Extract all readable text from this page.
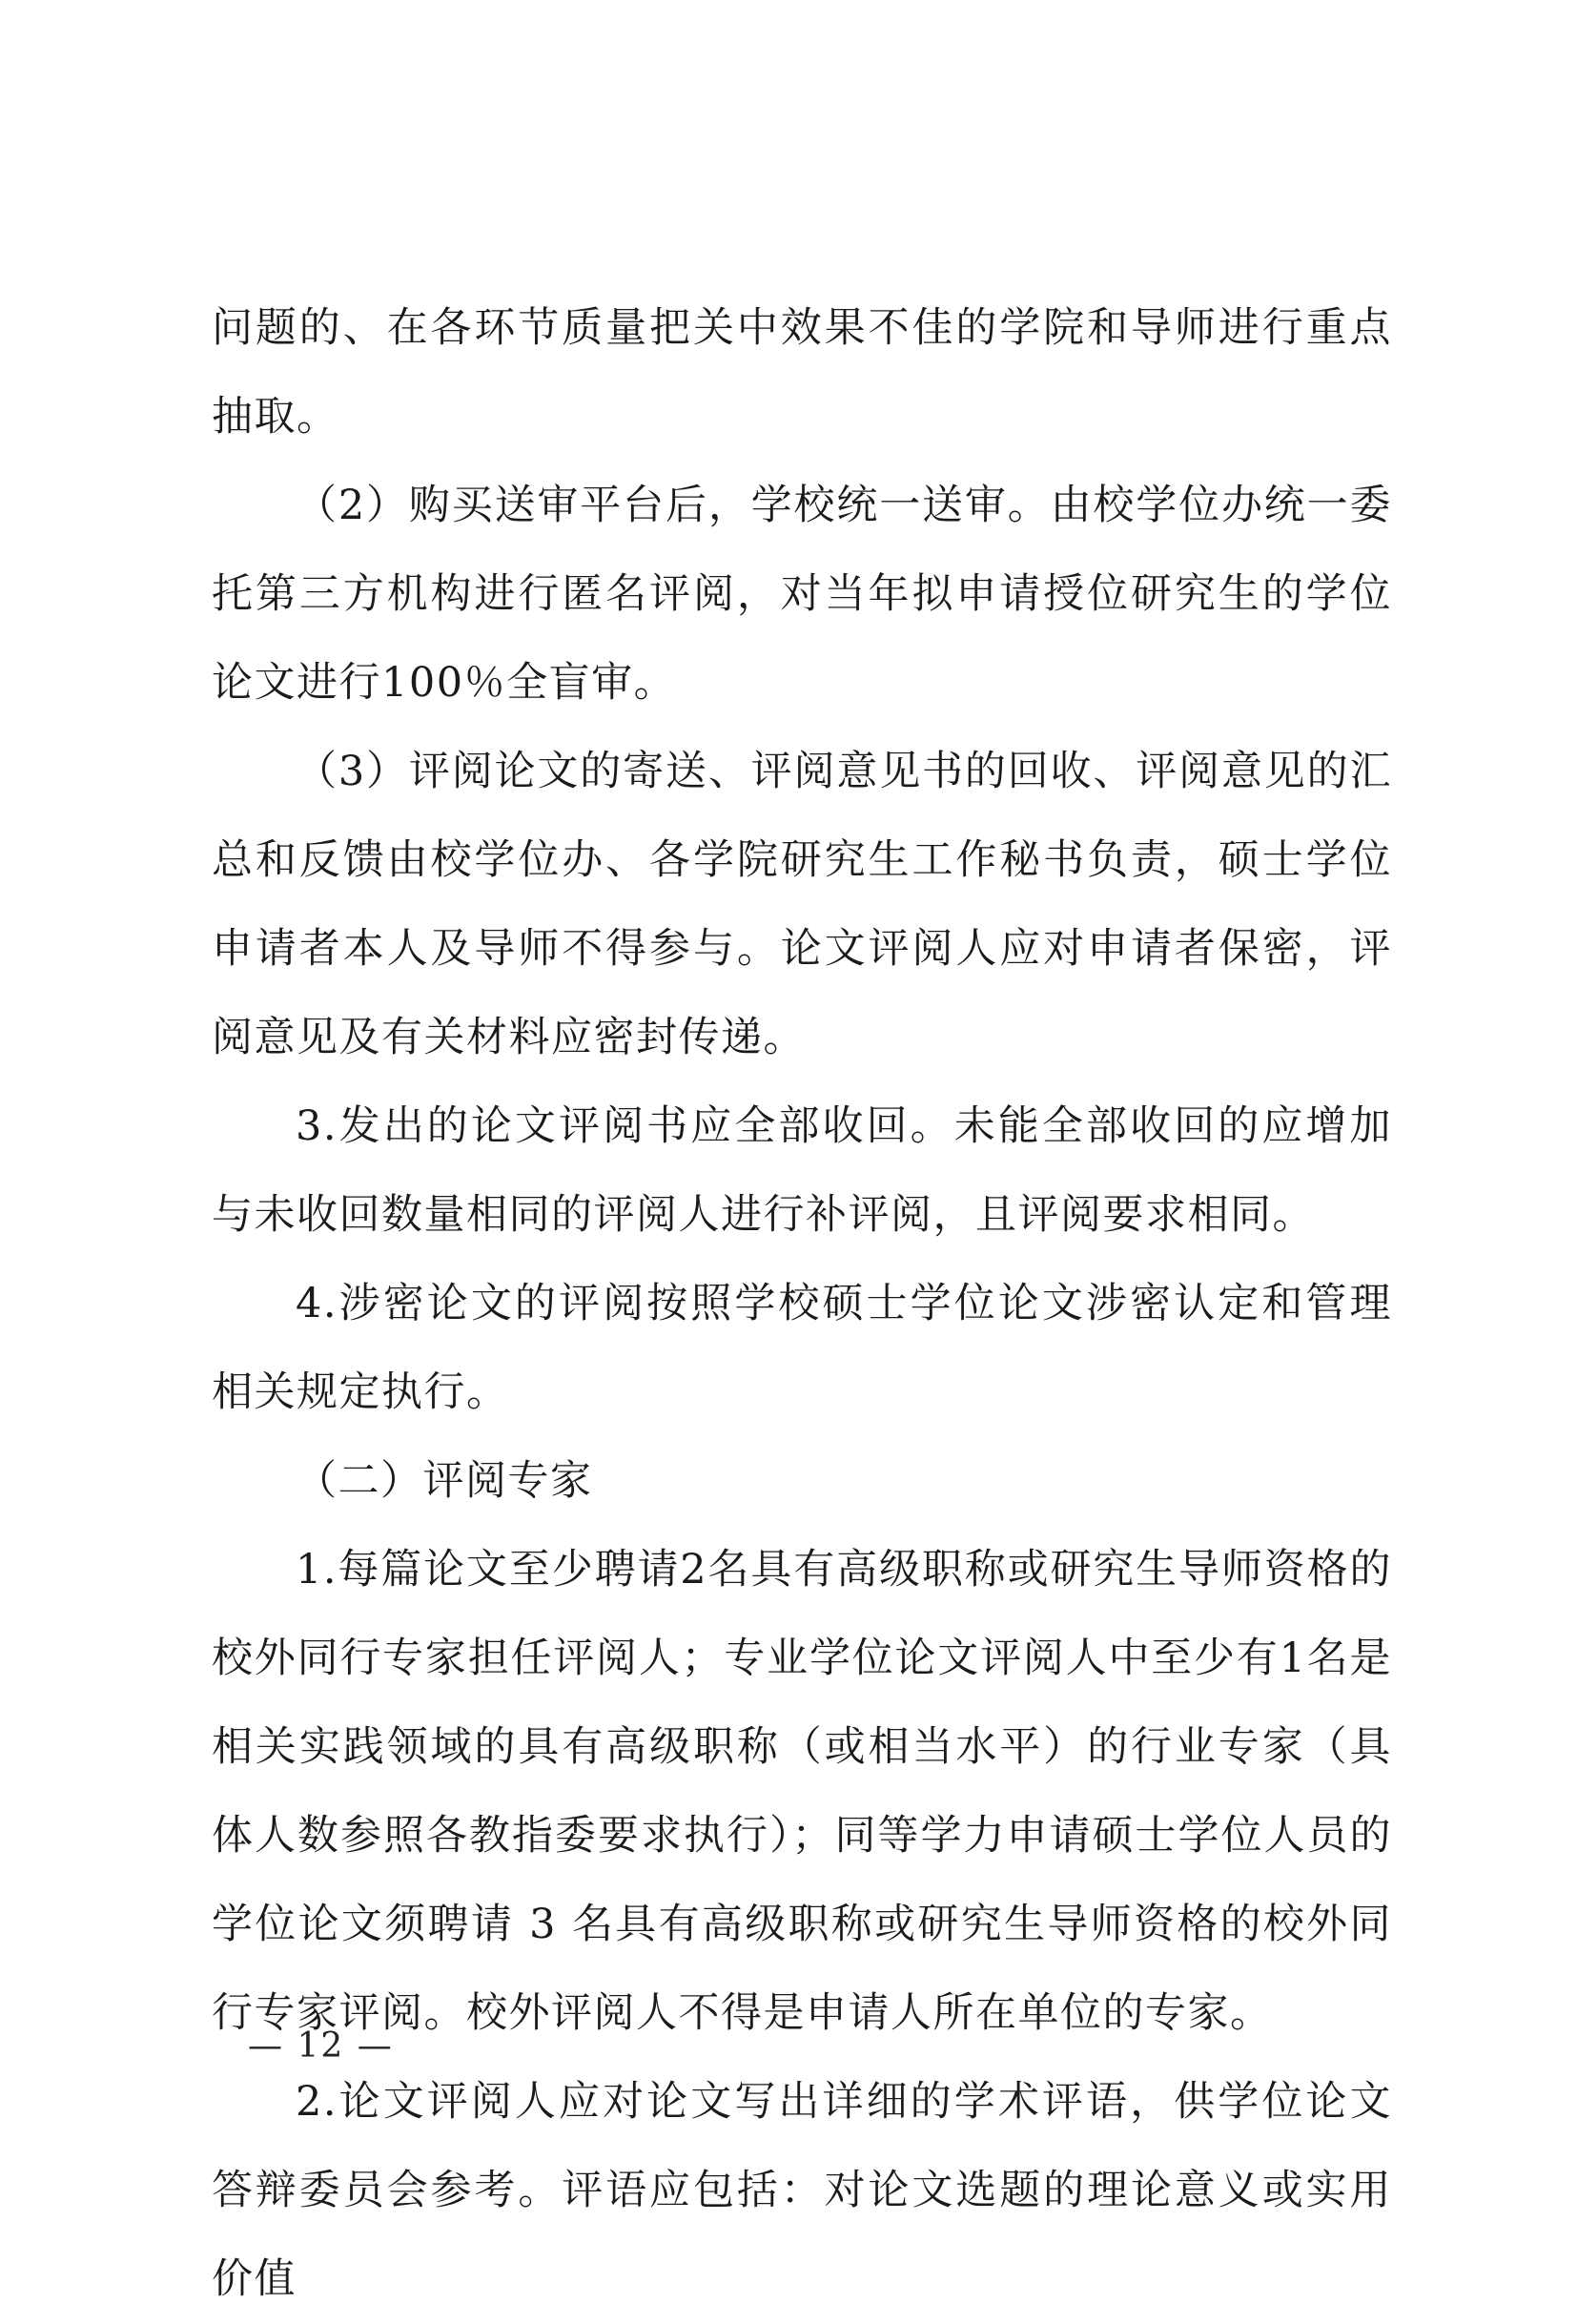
问题的、在各环节质量把关中效果不佳的学院和导师进行重点抽取。

（2）购买送审平台后，学校统一送审。由校学位办统一委托第三方机构进行匿名评阅，对当年拟申请授位研究生的学位论文进行100％全盲审。

（3）评阅论文的寄送、评阅意见书的回收、评阅意见的汇总和反馈由校学位办、各学院研究生工作秘书负责，硕士学位申请者本人及导师不得参与。论文评阅人应对申请者保密，评阅意见及有关材料应密封传递。

3.发出的论文评阅书应全部收回。未能全部收回的应增加与未收回数量相同的评阅人进行补评阅，且评阅要求相同。

4.涉密论文的评阅按照学校硕士学位论文涉密认定和管理相关规定执行。

（二）评阅专家

1.每篇论文至少聘请2名具有高级职称或研究生导师资格的校外同行专家担任评阅人；专业学位论文评阅人中至少有1名是相关实践领域的具有高级职称（或相当水平）的行业专家（具体人数参照各教指委要求执行）；同等学力申请硕士学位人员的学位论文须聘请 3 名具有高级职称或研究生导师资格的校外同行专家评阅。校外评阅人不得是申请人所在单位的专家。

2.论文评阅人应对论文写出详细的学术评语，供学位论文答辩委员会参考。评语应包括：对论文选题的理论意义或实用价值

— 12 —
